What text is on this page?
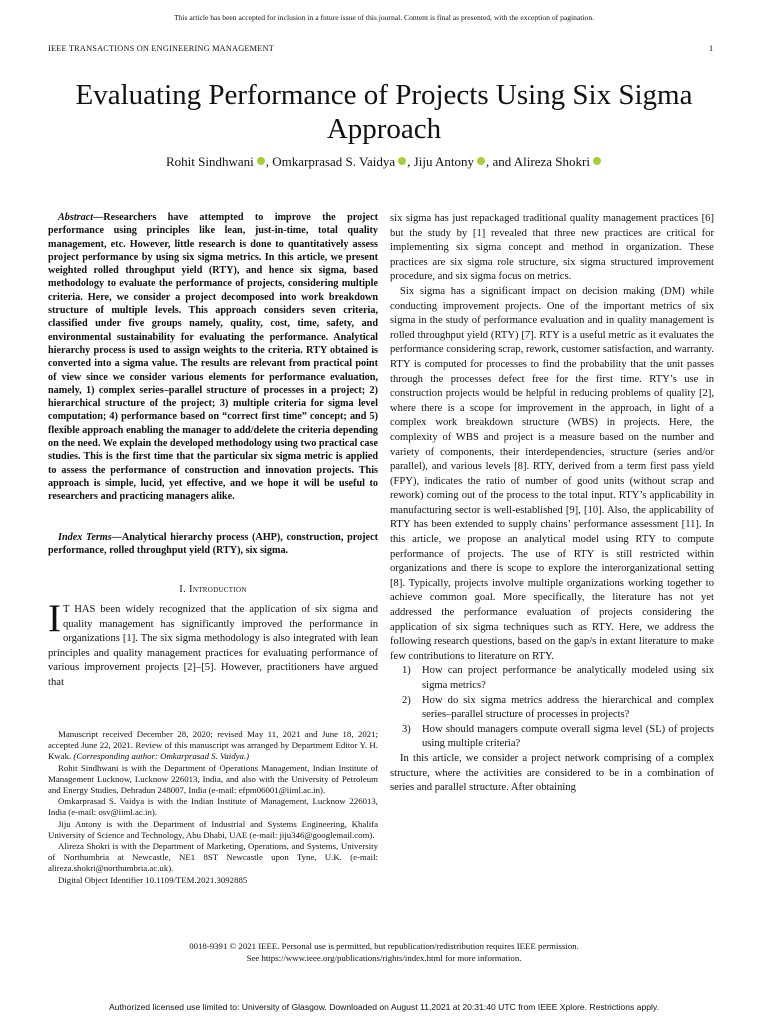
This article has been accepted for inclusion in a future issue of this journal. Content is final as presented, with the exception of pagination.
IEEE TRANSACTIONS ON ENGINEERING MANAGEMENT	1
Evaluating Performance of Projects Using Six Sigma Approach
Rohit Sindhwani , Omkarprasad S. Vaidya , Jiju Antony , and Alireza Shokri

Abstract—Researchers have attempted to improve the project performance using principles like lean, just-in-time, total quality management, etc. However, little research is done to quantitatively assess project performance by using six sigma metrics. In this article, we present weighted rolled throughput yield (RTY), and hence six sigma, based methodology to evaluate the performance of projects, considering multiple criteria. Here, we consider a project decomposed into work breakdown structure of multiple levels. This approach considers seven criteria, classified under five groups namely, quality, cost, time, safety, and environmental sustainability for evaluating the performance. Analytical hierarchy process is used to assign weights to the criteria. RTY obtained is converted into a sigma value. The results are relevant from practical point of view since we consider various elements for performance evaluation, namely, 1) complex series–parallel structure of processes in a project; 2) hierarchical structure of the project; 3) multiple criteria for sigma level computation; 4) performance based on “correct first time” concept; and 5) flexible approach enabling the manager to add/delete the criteria depending on the need. We explain the developed methodology using two practical case studies. This is the first time that the particular six sigma metric is applied to assess the performance of construction and innovation projects. This approach is simple, lucid, yet effective, and we hope it will be useful to researchers and practicing managers alike.

Index Terms—Analytical hierarchy process (AHP), construction, project performance, rolled throughput yield (RTY), six sigma.

I. Introduction

I T HAS been widely recognized that the application of six sigma and quality management has significantly improved the performance in organizations [1]. The six sigma methodology is also integrated with lean principles and quality management practices for evaluating performance of various improvement projects [2]–[5]. However, practitioners have argued that

Manuscript received December 28, 2020; revised May 11, 2021 and June 18, 2021; accepted June 22, 2021. Review of this manuscript was arranged by Department Editor Y. H. Kwak. (Corresponding author: Omkarprasad S. Vaidya.)

Rohit Sindhwani is with the Department of Operations Management, Indian Institute of Management Lucknow, Lucknow 226013, India, and also with the University of Petroleum and Energy Studies, Dehradun 248007, India (e-mail: efpm06001@iiml.ac.in).

Omkarprasad S. Vaidya is with the Indian Institute of Management, Lucknow 226013, India (e-mail: osv@iiml.ac.in).

Jiju Antony is with the Department of Industrial and Systems Engineering, Khalifa University of Science and Technology, Abu Dhabi, UAE (e-mail: jiju346@googlemail.com).

Alireza Shokri is with the Department of Marketing, Operations, and Systems, University of Northumbria at Newcastle, NE1 8ST Newcastle upon Tyne, U.K. (e-mail: alireza.shokri@northumbria.ac.uk).

Digital Object Identifier 10.1109/TEM.2021.3092885

six sigma has just repackaged traditional quality management practices [6] but the study by [1] revealed that three new practices are critical for implementing six sigma concept and method in organization. These practices are six sigma role structure, six sigma structured improvement procedure, and six sigma focus on metrics.

Six sigma has a significant impact on decision making (DM) while conducting improvement projects. One of the important metrics of six sigma in the study of performance evaluation and in quality management is rolled throughput yield (RTY) [7]. RTY is a useful metric as it evaluates the performance considering scrap, rework, customer satisfaction, and warranty. RTY is computed for processes to find the probability that the unit passes through the processes defect free for the first time. RTY’s use in construction projects would be helpful in reducing problems of quality [2], where there is a scope for improvement in the approach, in light of a complex work breakdown structure (WBS) in projects. Here, the complexity of WBS and project is a measure based on the number and variety of components, their interdependencies, structure (series and/or parallel), and various levels [8]. RTY, derived from a term first pass yield (FPY), indicates the ratio of number of good units (without scrap and rework) coming out of the process to the total input. RTY’s applicability in manufacturing sector is well-established [9], [10]. Also, the applicability of RTY has been extended to supply chains’ performance assessment [11]. In this article, we propose an analytical model using RTY to compute performance of projects. The use of RTY is still restricted within organizations and there is scope to explore the interorganizational setting [8]. Typically, projects involve multiple organizations working together to achieve common goal. More specifically, the literature has not yet addressed the performance evaluation of projects considering the application of six sigma techniques such as RTY. Here, we address the following research questions, based on the gap/s in extant literature to make few contributions to literature on RTY.

1) How can project performance be analytically modeled using six sigma metrics?
2) How do six sigma metrics address the hierarchical and complex series–parallel structure of processes in projects?
3) How should managers compute overall sigma level (SL) of projects using multiple criteria?

In this article, we consider a project network comprising of a complex structure, where the activities are considered to be in a combination of series and parallel structure. After obtaining

0018-9391 © 2021 IEEE. Personal use is permitted, but republication/redistribution requires IEEE permission.
See https://www.ieee.org/publications/rights/index.html for more information.
Authorized licensed use limited to: University of Glasgow. Downloaded on August 11,2021 at 20:31:40 UTC from IEEE Xplore. Restrictions apply.
